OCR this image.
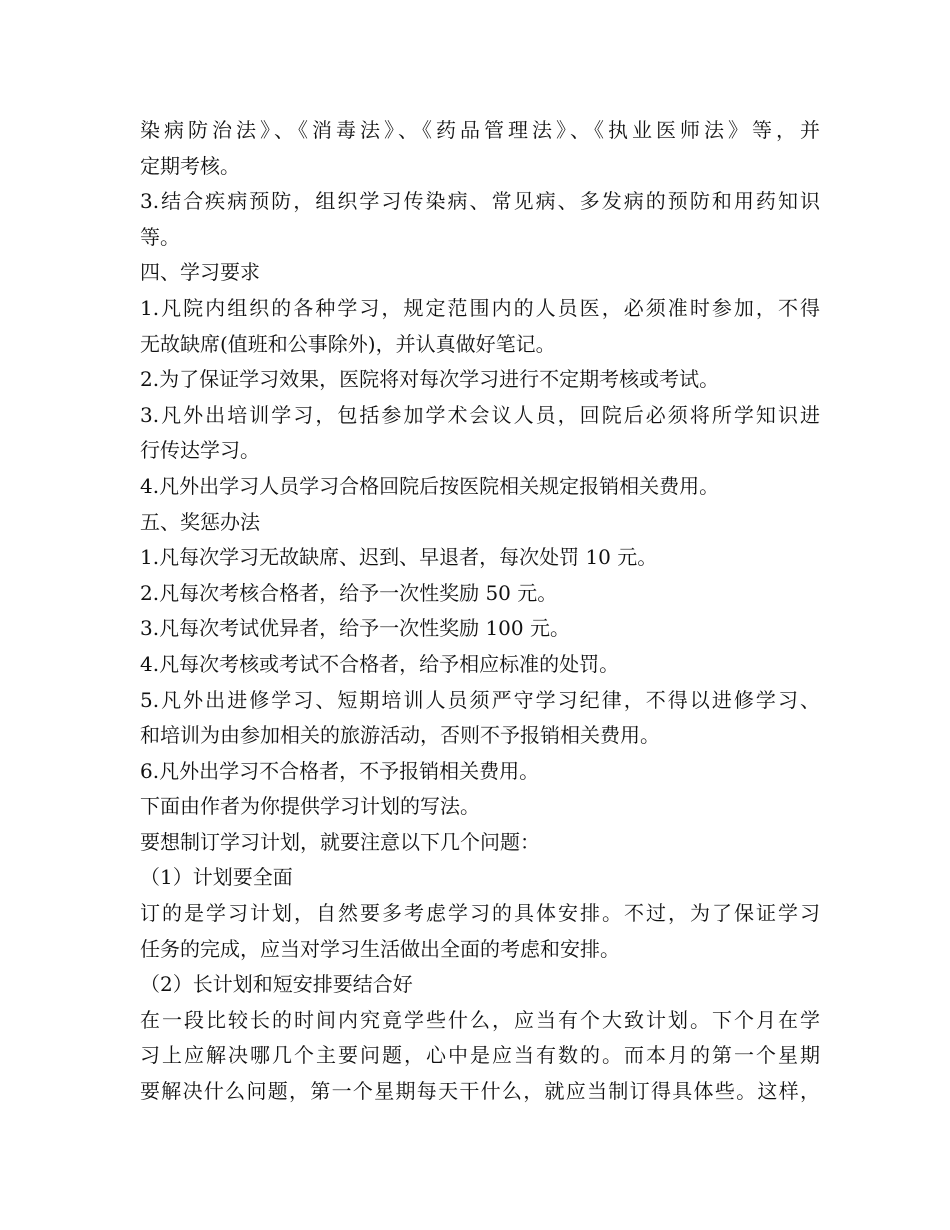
染病防治法》、《消毒法》、《药品管理法》、《执业医师法》等，并
定期考核。
3.结合疾病预防，组织学习传染病、常见病、多发病的预防和用药知识
等。
四、学习要求
1.凡院内组织的各种学习，规定范围内的人员医，必须准时参加，不得
无故缺席(值班和公事除外)，并认真做好笔记。
2.为了保证学习效果，医院将对每次学习进行不定期考核或考试。
3.凡外出培训学习，包括参加学术会议人员，回院后必须将所学知识进
行传达学习。
4.凡外出学习人员学习合格回院后按医院相关规定报销相关费用。
五、奖惩办法
1.凡每次学习无故缺席、迟到、早退者，每次处罚 10 元。
2.凡每次考核合格者，给予一次性奖励 50 元。
3.凡每次考试优异者，给予一次性奖励 100 元。
4.凡每次考核或考试不合格者，给予相应标准的处罚。
5.凡外出进修学习、短期培训人员须严守学习纪律，不得以进修学习、
和培训为由参加相关的旅游活动，否则不予报销相关费用。
6.凡外出学习不合格者，不予报销相关费用。
下面由作者为你提供学习计划的写法。
要想制订学习计划，就要注意以下几个问题：
（1）计划要全面
订的是学习计划，自然要多考虑学习的具体安排。不过，为了保证学习
任务的完成，应当对学习生活做出全面的考虑和安排。
（2）长计划和短安排要结合好
在一段比较长的时间内究竟学些什么，应当有个大致计划。下个月在学
习上应解决哪几个主要问题，心中是应当有数的。而本月的第一个星期
要解决什么问题，第一个星期每天干什么，就应当制订得具体些。这样，
